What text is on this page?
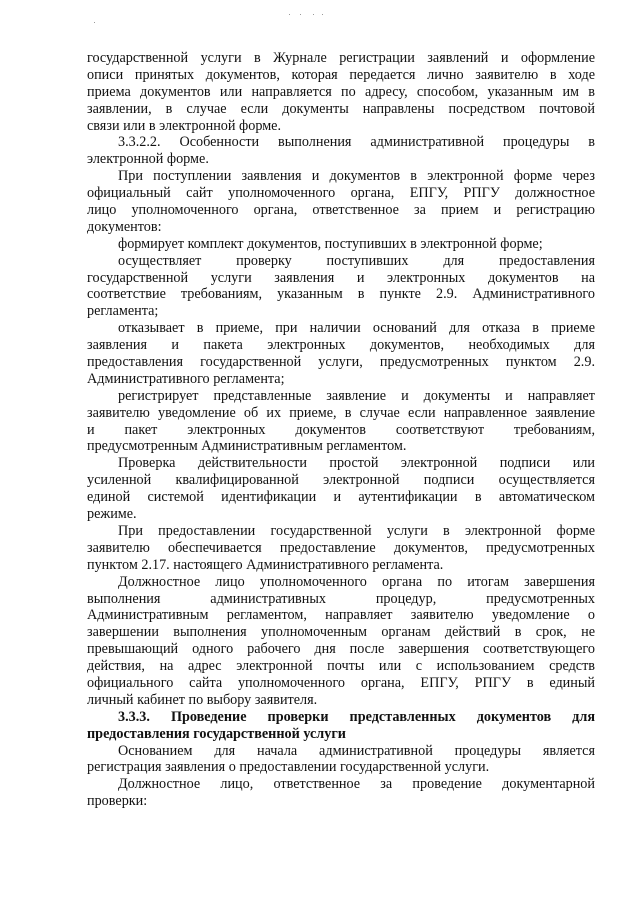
государственной услуги в Журнале регистрации заявлений и оформление
описи принятых документов, которая передается лично заявителю в ходе
приема документов или направляется по адресу, способом, указанным им в
заявлении, в случае если документы направлены посредством почтовой
связи или в электронной форме.
3.3.2.2. Особенности выполнения административной процедуры в
электронной форме.
При поступлении заявления и документов в электронной форме через
официальный сайт уполномоченного органа, ЕПГУ, РПГУ должностное
лицо уполномоченного органа, ответственное за прием и регистрацию
документов:
формирует комплект документов, поступивших в электронной форме;
осуществляет проверку поступивших для предоставления
государственной услуги заявления и электронных документов на
соответствие требованиям, указанным в пункте 2.9. Административного
регламента;
отказывает в приеме, при наличии оснований для отказа в приеме
заявления и пакета электронных документов, необходимых для
предоставления государственной услуги, предусмотренных пунктом 2.9.
Административного регламента;
регистрирует представленные заявление и документы и направляет
заявителю уведомление об их приеме, в случае если направленное заявление
и пакет электронных документов соответствуют требованиям,
предусмотренным Административным регламентом.
Проверка действительности простой электронной подписи или
усиленной квалифицированной электронной подписи осуществляется
единой системой идентификации и аутентификации в автоматическом
режиме.
При предоставлении государственной услуги в электронной форме
заявителю обеспечивается предоставление документов, предусмотренных
пунктом 2.17. настоящего Административного регламента.
Должностное лицо уполномоченного органа по итогам завершения
выполнения административных процедур, предусмотренных
Административным регламентом, направляет заявителю уведомление о
завершении выполнения уполномоченным органам действий в срок, не
превышающий одного рабочего дня после завершения соответствующего
действия, на адрес электронной почты или с использованием средств
официального сайта уполномоченного органа, ЕПГУ, РПГУ в единый
личный кабинет по выбору заявителя.
3.3.3. Проведение проверки представленных документов для
предоставления государственной услуги
Основанием для начала административной процедуры является
регистрация заявления о предоставлении государственной услуги.
Должностное лицо, ответственное за проведение документарной
проверки:
